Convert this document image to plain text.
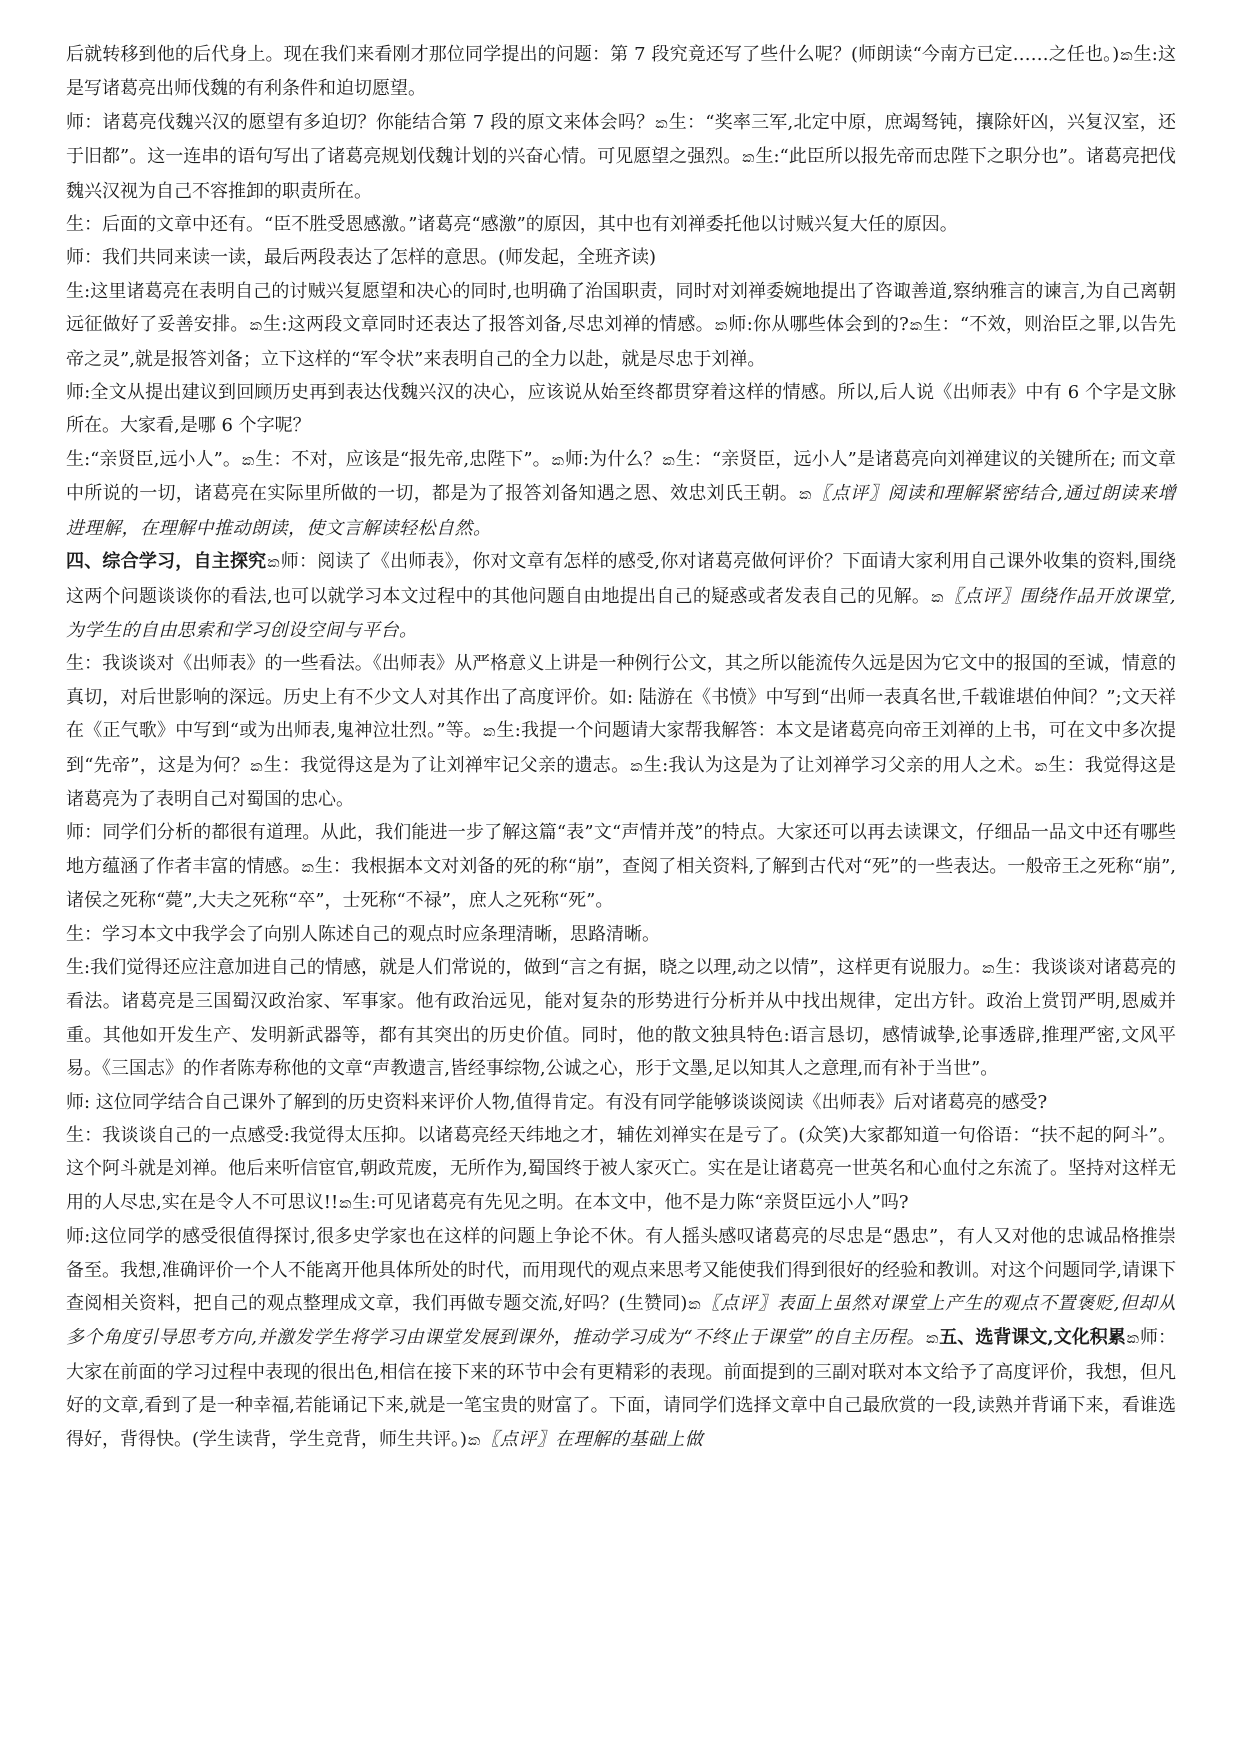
后就转移到他的后代身上。现在我们来看刚才那位同学提出的问题：第 7 段究竟还写了些什么呢？(师朗读“今南方已定……之任也。)ක生:这是写诸葛亮出师伐魏的有利条件和迫切愿望。

师：诸葛亮伐魏兴汉的愿望有多迫切？你能结合第 7 段的原文来体会吗？ක生：“奖率三军,北定中原，庶竭驽钝，攘除奸凶，兴复汉室，还于旧都”。这一连串的语句写出了诸葛亮规划伐魏计划的兴奋心情。可见愿望之强烈。ක生:“此臣所以报先帝而忠陛下之职分也”。诸葛亮把伐魏兴汉视为自己不容推卸的职责所在。

生：后面的文章中还有。“臣不胜受恩感激。”诸葛亮“感激”的原因，其中也有刘禅委托他以讨贼兴复大任的原因。

师：我们共同来读一读，最后两段表达了怎样的意思。(师发起，全班齐读)

生:这里诸葛亮在表明自己的讨贼兴复愿望和决心的同时,也明确了治国职责，同时对刘禅委婉地提出了咨诹善道,察纳雅言的谏言,为自己离朝远征做好了妥善安排。ක生:这两段文章同时还表达了报答刘备,尽忠刘禅的情感。ක师:你从哪些体会到的?ක生：“不效，则治臣之罪,以告先帝之灵”,就是报答刘备；立下这样的“军令状”来表明自己的全力以赴，就是尽忠于刘禅。

师:全文从提出建议到回顾历史再到表达伐魏兴汉的决心，应该说从始至终都贯穿着这样的情感。所以,后人说《出师表》中有 6 个字是文脉所在。大家看,是哪 6 个字呢？

生:“亲贤臣,远小人”。ක生：不对，应该是“报先帝,忠陛下”。ක师:为什么？ක生：“亲贤臣，远小人”是诸葛亮向刘禅建议的关键所在; 而文章中所说的一切，诸葛亮在实际里所做的一切，都是为了报答刘备知遇之恩、效忠刘氏王朝。ක〖点评〗阅读和理解紧密结合,通过朗读来增进理解，在理解中推动朗读，使文言解读轻松自然。

四、综合学习，自主探究ක师：阅读了《出师表》，你对文章有怎样的感受,你对诸葛亮做何评价？下面请大家利用自己课外收集的资料,围绕这两个问题谈谈你的看法,也可以就学习本文过程中的其他问题自由地提出自己的疑惑或者发表自己的见解。ක〖点评〗围绕作品开放课堂,为学生的自由思索和学习创设空间与平台。

生：我谈谈对《出师表》的一些看法。《出师表》从严格意义上讲是一种例行公文，其之所以能流传久远是因为它文中的报国的至诚，情意的真切，对后世影响的深远。历史上有不少文人对其作出了高度评价。如: 陆游在《书愤》中写到“出师一表真名世,千载谁堪伯仲间？”;文天祥在《正气歌》中写到“或为出师表,鬼神泣壮烈。”等。ක生:我提一个问题请大家帮我解答：本文是诸葛亮向帝王刘禅的上书，可在文中多次提到“先帝”，这是为何？ක生：我觉得这是为了让刘禅牢记父亲的遗志。ක生:我认为这是为了让刘禅学习父亲的用人之术。ක生：我觉得这是诸葛亮为了表明自己对蜀国的忠心。

师：同学们分析的都很有道理。从此，我们能进一步了解这篇“表”文“声情并茂”的特点。大家还可以再去读课文，仔细品一品文中还有哪些地方蕴涵了作者丰富的情感。ක生：我根据本文对刘备的死的称“崩”，查阅了相关资料,了解到古代对“死”的一些表达。一般帝王之死称“崩”,诸侯之死称“薨”,大夫之死称“卒”，士死称“不禄”，庶人之死称“死”。

生：学习本文中我学会了向别人陈述自己的观点时应条理清晰，思路清晰。

生:我们觉得还应注意加进自己的情感，就是人们常说的，做到“言之有据，晓之以理,动之以情”，这样更有说服力。ක生：我谈谈对诸葛亮的看法。诸葛亮是三国蜀汉政治家、军事家。他有政治远见，能对复杂的形势进行分析并从中找出规律，定出方针。政治上赏罚严明,恩威并重。其他如开发生产、发明新武器等，都有其突出的历史价值。同时，他的散文独具特色:语言恳切，感情诚挚,论事透辟,推理严密,文风平易。《三国志》的作者陈寿称他的文章“声教遗言,皆经事综物,公诚之心，形于文墨,足以知其人之意理,而有补于当世”。

师: 这位同学结合自己课外了解到的历史资料来评价人物,值得肯定。有没有同学能够谈谈阅读《出师表》后对诸葛亮的感受?

生：我谈谈自己的一点感受:我觉得太压抑。以诸葛亮经天纬地之才，辅佐刘禅实在是亏了。(众笑)大家都知道一句俗语：“扶不起的阿斗”。这个阿斗就是刘禅。他后来听信宦官,朝政荒废，无所作为,蜀国终于被人家灭亡。实在是让诸葛亮一世英名和心血付之东流了。坚持对这样无用的人尽忠,实在是令人不可思议!!ක生:可见诸葛亮有先见之明。在本文中，他不是力陈“亲贤臣远小人”吗?

师:这位同学的感受很值得探讨,很多史学家也在这样的问题上争论不休。有人摇头感叹诸葛亮的尽忠是“愚忠”，有人又对他的忠诚品格推崇备至。我想,准确评价一个人不能离开他具体所处的时代，而用现代的观点来思考又能使我们得到很好的经验和教训。对这个问题同学,请课下查阅相关资料，把自己的观点整理成文章，我们再做专题交流,好吗？(生赞同)ක〖点评〗表面上虽然对课堂上产生的观点不置褒贬,但却从多个角度引导思考方向,并激发学生将学习由课堂发展到课外，推动学习成为“不终止于课堂”的自主历程。ක五、选背课文,文化积累ක师：大家在前面的学习过程中表现的很出色,相信在接下来的环节中会有更精彩的表现。前面提到的三副对联对本文给予了高度评价，我想，但凡好的文章,看到了是一种幸福,若能诵记下来,就是一笔宝贵的财富了。下面，请同学们选择文章中自己最欣赏的一段,读熟并背诵下来，看谁选得好，背得快。(学生读背，学生竞背，师生共评。)ක〖点评〗在理解的基础上做
